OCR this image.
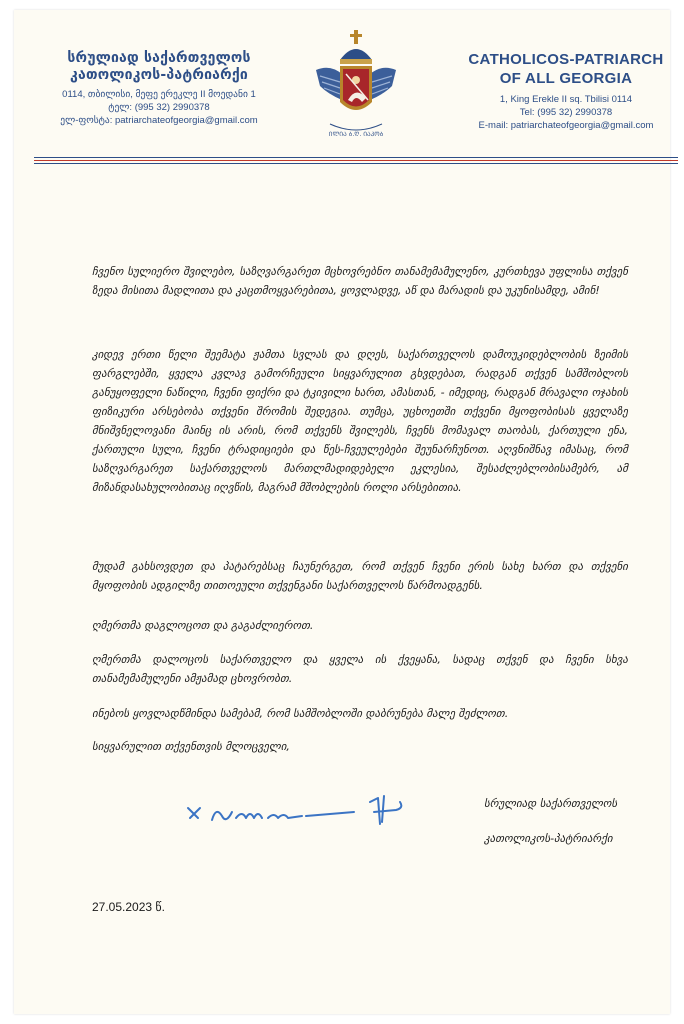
სრულიად საქართველოს
კათოლიკოს-პატრიარქი
0114, თბილისი, მეფე ერეკლე II მოედანი 1
ტელ: (995 32) 2990378
ელ-ფოსტა: patriarchateofgeorgia@gmail.com
ᲘᲚᲘᲐ Ბ.Ღ. ᲘᲐᲙᲝᲑ
CATHOLICOS-PATRIARCH
OF ALL GEORGIA
1, King Erekle II sq. Tbilisi 0114
Tel: (995 32) 2990378
E-mail: patriarchateofgeorgia@gmail.com

ჩვენო სულიერო შვილებო, საზღვარგარეთ მცხოვრებნო თანამემამულენო, კურთხევა უფლისა თქვენ ზედა მისითა მადლითა და კაცთმოყვარებითა, ყოვლადვე, აწ და მარადის და უკუნისამდე, ამინ!

კიდევ ერთი წელი შეემატა ჟამთა სვლას და დღეს, საქართველოს დამოუკიდებლობის ზეიმის ფარგლებში, ყველა კვლავ გამორჩეული სიყვარულით გხვდებათ, რადგან თქვენ სამშობლოს განუყოფელი ნაწილი, ჩვენი ფიქრი და ტკივილი ხართ, ამასთან, - იმედიც, რადგან მრავალი ოჯახის ფიზიკური არსებობა თქვენი შრომის შედეგია. თუმცა, უცხოეთში თქვენი მყოფობისას ყველაზე მნიშვნელოვანი მაინც ის არის, რომ თქვენს შვილებს, ჩვენს მომავალ თაობას, ქართული ენა, ქართული სული, ჩვენი ტრადიციები და წეს-ჩვეულებები შეუნარჩუნოთ. აღვნიშნავ იმასაც, რომ საზღვარგარეთ საქართველოს მართლმადიდებელი ეკლესია, შესაძლებლობისამებრ, ამ მიზანდასახულობითაც იღვწის, მაგრამ მშობლების როლი არსებითია.

მუდამ გახსოვდეთ და პატარებსაც ჩაუნერგეთ, რომ თქვენ ჩვენი ერის სახე ხართ და თქვენი მყოფობის ადგილზე თითოეული თქვენგანი საქართველოს წარმოადგენს.

ღმერთმა დაგლოცოთ და გაგაძლიეროთ.

ღმერთმა დალოცოს საქართველო და ყველა ის ქვეყანა, სადაც თქვენ და ჩვენი სხვა თანამემამულენი ამჟამად ცხოვრობთ.

ინებოს ყოვლადწმინდა სამებამ, რომ სამშობლოში დაბრუნება მალე შეძლოთ.

სიყვარულით თქვენთვის მლოცველი,

სრულიად საქართველოს
კათოლიკოს-პატრიარქი
27.05.2023 წ.
